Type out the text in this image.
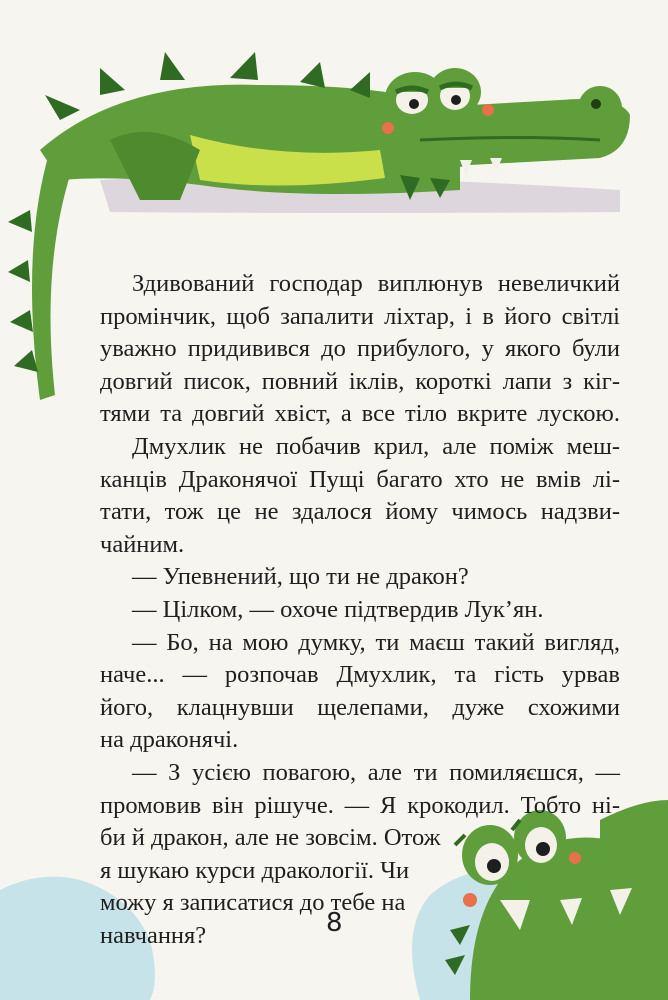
Здивований господар виплюнув невеличкий
промінчик, щоб запалити ліхтар, і в його світлі
уважно придивився до прибулого, у якого були
довгий писок, повний іклів, короткі лапи з кіг-
тями та довгий хвіст, а все тіло вкрите лускою.
Дмухлик не побачив крил, але поміж меш-
канців Драконячої Пущі багато хто не вмів лі-
тати, тож це не здалося йому чимось надзви-
чайним.
— Упевнений, що ти не дракон?
— Цілком, — охоче підтвердив Лук’ян.
— Бо, на мою думку, ти маєш такий вигляд,
наче... — розпочав Дмухлик, та гість урвав
його, клацнувши щелепами, дуже схожими
на драконячі.
— З усією повагою, але ти помиляєшся, —
промовив він рішуче. — Я крокодил. Тобто ні-
би й дракон, але не зовсім. Отож
я шукаю курси дракології. Чи
можу я записатися до тебе на
навчання?	8
